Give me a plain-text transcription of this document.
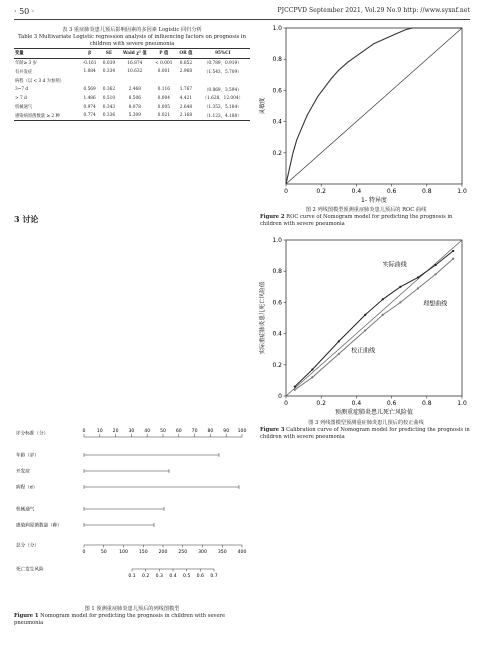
· 50 ·	PJCCPVD September 2021, Vol.29 No.9 http: //www.syxnf.net
表 3 重症肺炎患儿预后影响因素的多因素 Logistic 回归分析
Table 3 Multivariate Logistic regression analysis of influencing factors on prognosis in children with severe pneumonia
变量	β	SE	Wald χ² 值	P 值	OR 值	95%CI
年龄≥ 3 岁	-0.161	0.039	16.874	< 0.001	0.852	（0.789，0.919）
有并发症	1.084	0.334	10.632	0.001	2.968	（1.543，5.709）
病程（以 < 3 d 为参照）						
3~7 d	0.569	0.362	2.468	0.116	1.767	（0.869，3.594）
> 7 d	1.486	0.510	8.506	0.004	4.421	（1.628，12.004）
机械通气	0.974	0.343	8.078	0.005	2.648	（1.353，5.184）
感染病原菌数量 ≥ 2 种	0.774	0.336	5.309	0.021	2.168	（1.123，4.188）
3 讨论
评分标准（分）
年龄（岁）
并发症
病程（d）
机械通气
感染病原菌数量（种）
总分（分）
死亡发生风险
0 10 20 30 40 50 60 70 80 90 100
0	50	100 150 200 250 300 350 400
0.1 0.2 0.3 0.4 0.5 0.6 0.7
图 1 预测重症肺炎患儿预后的列线图模型
Figure 1 Nomogram model for predicting the prognosis in children with severe pneumonia
0	0.2	0.4	0.6	0.8	1.0
0.2
0.4
0.6
0.8
1.0
1- 特异度
灵敏度
图 2 列线图模型预测重症肺炎患儿预后的 ROC 曲线
Figure 2 ROC curve of Nomogram model for predicting the prognosis in children with severe pneumonia
0	0.2	0.4	0.6	0.8	1.0
0
0.2
0.4
0.6
0.8
1.0
预测重症肺炎患儿死亡风险值
实际重症肺炎患儿死亡风险值
实际曲线
理想曲线
校正曲线
图 3 列线图模型预测重症肺炎患儿预后的校正曲线
Figure 3 Calibration curve of Nomogram model for predicting the prognosis in children with severe pneumonia
